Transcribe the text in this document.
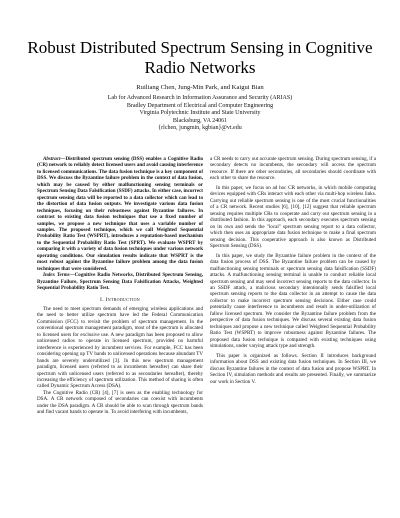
Robust Distributed Spectrum Sensing in Cognitive Radio Networks
Ruiliang Chen, Jung-Min Park, and Kaigui Bian
Lab for Advanced Research in Information Assurance and Security (ARIAS)
Bradley Department of Electrical and Computer Engineering
Virginia Polytechnic Institute and State University
Blacksburg, VA 24061
{rlchen, jungmin, kgbian}@vt.edu

Abstract—Distributed spectrum sensing (DSS) enables a Cognitive Radio (CR) network to reliably detect licensed users and avoid causing interference to licensed communications. The data fusion technique is a key component of DSS. We discuss the Byzantine failure problem in the context of data fusion, which may be caused by either malfunctioning sensing terminals or Spectrum Sensing Data Falsification (SSDF) attacks. In either case, incorrect spectrum sensing data will be reported to a data collector which can lead to the distortion of data fusion outputs. We investigate various data fusion techniques, focusing on their robustness against Byzantine failures. In contrast to existing data fusion techniques that use a fixed number of samples, we propose a new technique that uses a variable number of samples. The proposed technique, which we call Weighted Sequential Probability Ratio Test (WSPRT), introduces a reputation-based mechanism to the Sequential Probability Ratio Test (SPRT). We evaluate WSPRT by comparing it with a variety of data fusion techniques under various network operating conditions. Our simulation results indicate that WSPRT is the most robust against the Byzantine failure problem among the data fusion techniques that were considered.

Index Terms—Cognitive Radio Networks, Distributed Spectrum Sensing, Byzantine Failure, Spectrum Sensing Data Falsification Attacks, Weighted Sequential Probability Ratio Test.

I. Introduction

The need to meet spectrum demands of emerging wireless applications and the need to better utilize spectrum have led the Federal Communication Commission (FCC) to revisit the problem of spectrum management. In the conventional spectrum management paradigm, most of the spectrum is allocated to licensed users for exclusive use. A new paradigm has been proposed to allow unlicensed radios to operate in licensed spectrum, provided no harmful interference is experienced by incumbent services. For example, FCC has been considering opening up TV bands to unlicensed operations because abundant TV bands are severely underutilized [3]. In this new spectrum management paradigm, licensed users (referred to as incumbents hereafter) can share their spectrum with unlicensed users (referred to as secondaries hereafter), thereby increasing the efficiency of spectrum utilization. This method of sharing is often called Dynamic Spectrum Access (DSA).

The Cognitive Radio (CR) [4], [7] is seen as the enabling technology for DSA. A CR network composed of secondaries can coexist with incumbents under the DSA paradigm. A CR should be able to scan through spectrum bands and find vacant bands to operate in. To avoid interfering with incumbents,

a CR needs to carry out accurate spectrum sensing. During spectrum sensing, if a secondary detects no incumbents, the secondary will access the spectrum resource. If there are other secondaries, all secondaries should coordinate with each other to share the resource.

In this paper, we focus on ad hoc CR networks, in which mobile computing devices equipped with CRs interact with each other via multi-hop wireless links. Carrying out reliable spectrum sensing is one of the most crucial functionalities of a CR network. Recent studies [6], [10], [12] suggest that reliable spectrum sensing requires multiple CRs to cooperate and carry out spectrum sensing in a distributed fashion. In this approach, each secondary executes spectrum sensing on its own and sends the "local" spectrum sensing report to a data collector, which then uses an appropriate data fusion technique to make a final spectrum sensing decision. This cooperative approach is also known as Distributed Spectrum Sensing (DSS).

In this paper, we study the Byzantine failure problem in the context of the data fusion process of DSS. The Byzantine failure problem can be caused by malfunctioning sensing terminals or spectrum sensing data falsification (SSDF) attacks. A malfunctioning sensing terminal is unable to conduct reliable local spectrum sensing and may send incorrect sensing reports to the data collector. In an SSDF attack, a malicious secondary intentionally sends falsified local spectrum sensing reports to the data collector in an attempt to cause the data collector to make incorrect spectrum sensing decisions. Either case could potentially cause interference to incumbents and result in under-utilization of fallow licensed spectrum. We consider the Byzantine failure problem from the perspective of data fusion techniques. We discuss several existing data fusion techniques and propose a new technique called Weighted Sequential Probability Ratio Test (WSPRT) to improve robustness against Byzantine failures. The proposed data fusion technique is compared with existing techniques using simulations, under varying attack type and strength.

This paper is organized as follows. Section II introduces background information about DSS and existing data fusion techniques. In Section III, we discuss Byzantine failures in the context of data fusion and propose WSPRT. In Section IV, simulation methods and results are presented. Finally, we summarize our work in Section V.
